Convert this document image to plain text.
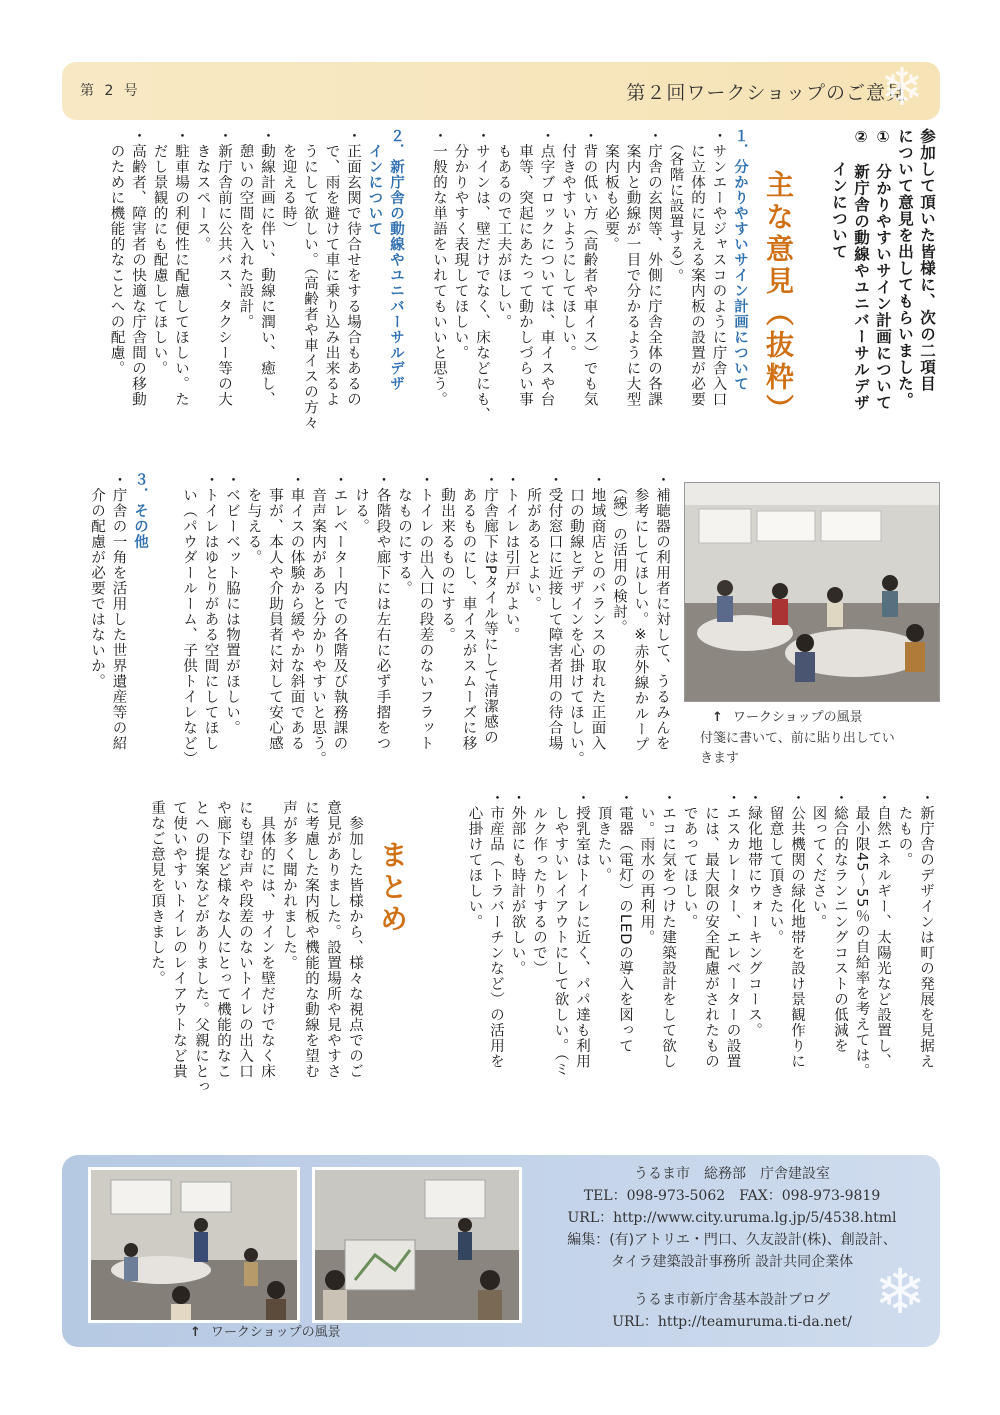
第 2 号	第２回ワークショップのご意見
❄
参加して頂いた皆様に、次の二項目
について意見を出してもらいました。
①　分かりやすいサイン計画について
②　新庁舎の動線やユニバーサルデザ
　　インについて
主な意見（抜粋）
１．分かりやすいサイン計画について
・サンエーやジャスコのように庁舎入口
　に立体的に見える案内板の設置が必要
　（各階に設置する）。
・庁舎の玄関等、外側に庁舎全体の各課
　案内と動線が一目で分かるように大型
　案内板も必要。
・背の低い方（高齢者や車イス）でも気
　付きやすいようにしてほしい。
・点字ブロックについては、車イスや台
　車等、突起にあたって動かしづらい事
　もあるので工夫がほしい。
・サインは、壁だけでなく、床などにも、
　分かりやすく表現してほしい。
・一般的な単語をいれてもいいと思う。
２．新庁舎の動線やユニバーサルデザ
　インについて
・正面玄関で待合せをする場合もあるの
　で、雨を避けて車に乗り込み出来るよ
　うにして欲しい。（高齢者や車イスの方々
　を迎える時）
・動線計画に伴い、動線に潤い、癒し、
　憩いの空間を入れた設計。
・新庁舎前に公共バス、タクシー等の大
　きなスペース。
・駐車場の利便性に配慮してほしい。た
　だし景観的にも配慮してほしい。
・高齢者、障害者の快適な庁舎間の移動
　のために機能的なことへの配慮。
・補聴器の利用者に対して、うるみんを
　参考にしてほしい。※赤外線かループ
　（線）の活用の検討。
・地域商店とのバランスの取れた正面入
　口の動線とデザインを心掛けてほしい。
・受付窓口に近接して障害者用の待合場
　所があるとよい。
・トイレは引戸がよい。
・庁舎廊下はPタイル等にして清潔感の
　あるものにし、車イスがスムーズに移
　動出来るものにする。
・トイレの出入口の段差のないフラット
　なものにする。
・各階段や廊下には左右に必ず手摺をつ
　ける。
・エレベーター内での各階及び執務課の
　音声案内があると分かりやすいと思う。
・車イスの体験から緩やかな斜面である
　事が、本人や介助員者に対して安心感
　を与える。
・ベビーベット脇には物置がほしい。
・トイレはゆとりがある空間にしてほし
　い（パウダールーム、子供トイレなど）
３．その他
・庁舎の一角を活用した世界遺産等の紹
　介の配慮が必要ではないか。
↑ ワークショップの風景
付箋に書いて、前に貼り出してい
きます
・新庁舎のデザインは町の発展を見据え
　たもの。
・自然エネルギー、太陽光など設置し、
　最小限45～55％の自給率を考えては。
・総合的なランニングコストの低減を
　図ってください。
・公共機関の緑化地帯を設け景観作りに
　留意して頂きたい。
・緑化地帯にウォーキングコース。
・エスカレーター、エレベーターの設置
　には、最大限の安全配慮がされたもの
　であってほしい。
・エコに気をつけた建築設計をして欲し
　い。雨水の再利用。
・電器（電灯）のLEDの導入を図って
　頂きたい。
・授乳室はトイレに近く、パパ達も利用
　しやすいレイアウトにして欲しい。（ミ
　ルク作ったりするので）
・外部にも時計が欲しい。
・市産品（トラバーチンなど）の活用を
　心掛けてほしい。
まとめ
　参加した皆様から、様々な視点でのご
意見がありました。設置場所や見やすさ
に考慮した案内板や機能的な動線を望む
声が多く聞かれました。
　具体的には、サインを壁だけでなく床
にも望む声や段差のないトイレの出入口
や廊下など様々な人にとって機能的なこ
とへの提案などがありました。父親にとっ
て使いやすいトイレのレイアウトなど貴
重なご意見を頂きました。
↑ ワークショップの風景
うるま市　総務部　庁舎建設室
TEL：098-973-5062　FAX：098-973-9819
URL：http://www.city.uruma.lg.jp/5/4538.html
編集：(有)アトリエ・門口、久友設計(株)、創設計、
タイラ建築設計事務所 設計共同企業体
うるま市新庁舎基本設計ブログ
URL：http://teamuruma.ti-da.net/ ❄
